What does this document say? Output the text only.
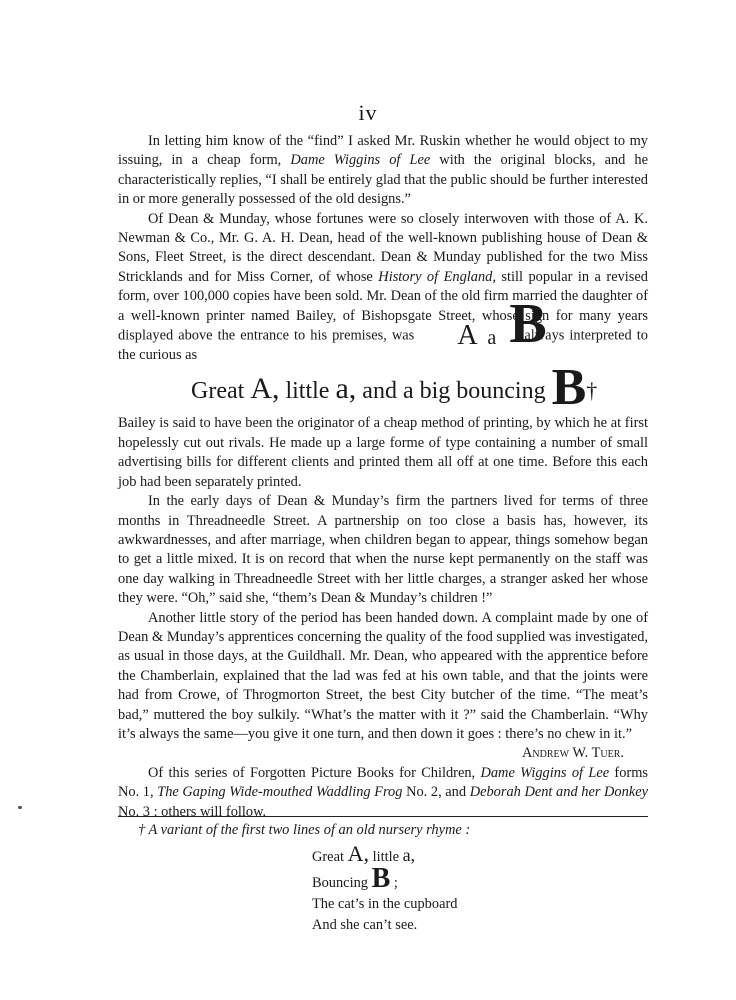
iv

In letting him know of the “find” I asked Mr. Ruskin whether he would object to my issuing, in a cheap form, Dame Wiggins of Lee with the original blocks, and he characteristically replies, “I shall be entirely glad that the public should be further interested in or more generally possessed of the old designs.”

Of Dean & Munday, whose fortunes were so closely interwoven with those of A. K. Newman & Co., Mr. G. A. H. Dean, head of the well-known publishing house of Dean & Sons, Fleet Street, is the direct descendant. Dean & Munday published for the two Miss Stricklands and for Miss Corner, of whose History of England, still popular in a revised form, over 100,000 copies have been sold. Mr. Dean of the old firm married the daughter of a well-known printer named Bailey, of Bishopsgate Street, whose sign for many years displayed above the entrance to his premises, was	A a B
always interpreted to the curious as

Great A, little a, and a big bouncing B†

Bailey is said to have been the originator of a cheap method of printing, by which he at first hopelessly cut out rivals. He made up a large forme of type containing a number of small advertising bills for different clients and printed them all off at one time. Before this each job had been separately printed.

In the early days of Dean & Munday’s firm the partners lived for terms of three months in Threadneedle Street. A partnership on too close a basis has, however, its awkwardnesses, and after marriage, when children began to appear, things somehow began to get a little mixed. It is on record that when the nurse kept permanently on the staff was one day walking in Threadneedle Street with her little charges, a stranger asked her whose they were. “Oh,” said she, “them’s Dean & Munday’s children !”

Another little story of the period has been handed down. A complaint made by one of Dean & Munday’s apprentices concerning the quality of the food supplied was investigated, as usual in those days, at the Guildhall. Mr. Dean, who appeared with the apprentice before the Chamberlain, explained that the lad was fed at his own table, and that the joints were had from Crowe, of Throgmorton Street, the best City butcher of the time. “The meat’s bad,” muttered the boy sulkily. “What’s the matter with it ?” said the Chamberlain. “Why it’s always the same—you give it one turn, and then down it goes : there’s no chew in it.”
Andrew W. Tuer.

Of this series of Forgotten Picture Books for Children, Dame Wiggins of Lee forms No. 1, The Gaping Wide-mouthed Waddling Frog No. 2, and Deborah Dent and her Donkey No. 3 : others will follow.

† A variant of the first two lines of an old nursery rhyme :
Great A, little a,
Bouncing B ;
The cat’s in the cupboard
And she can’t see.
